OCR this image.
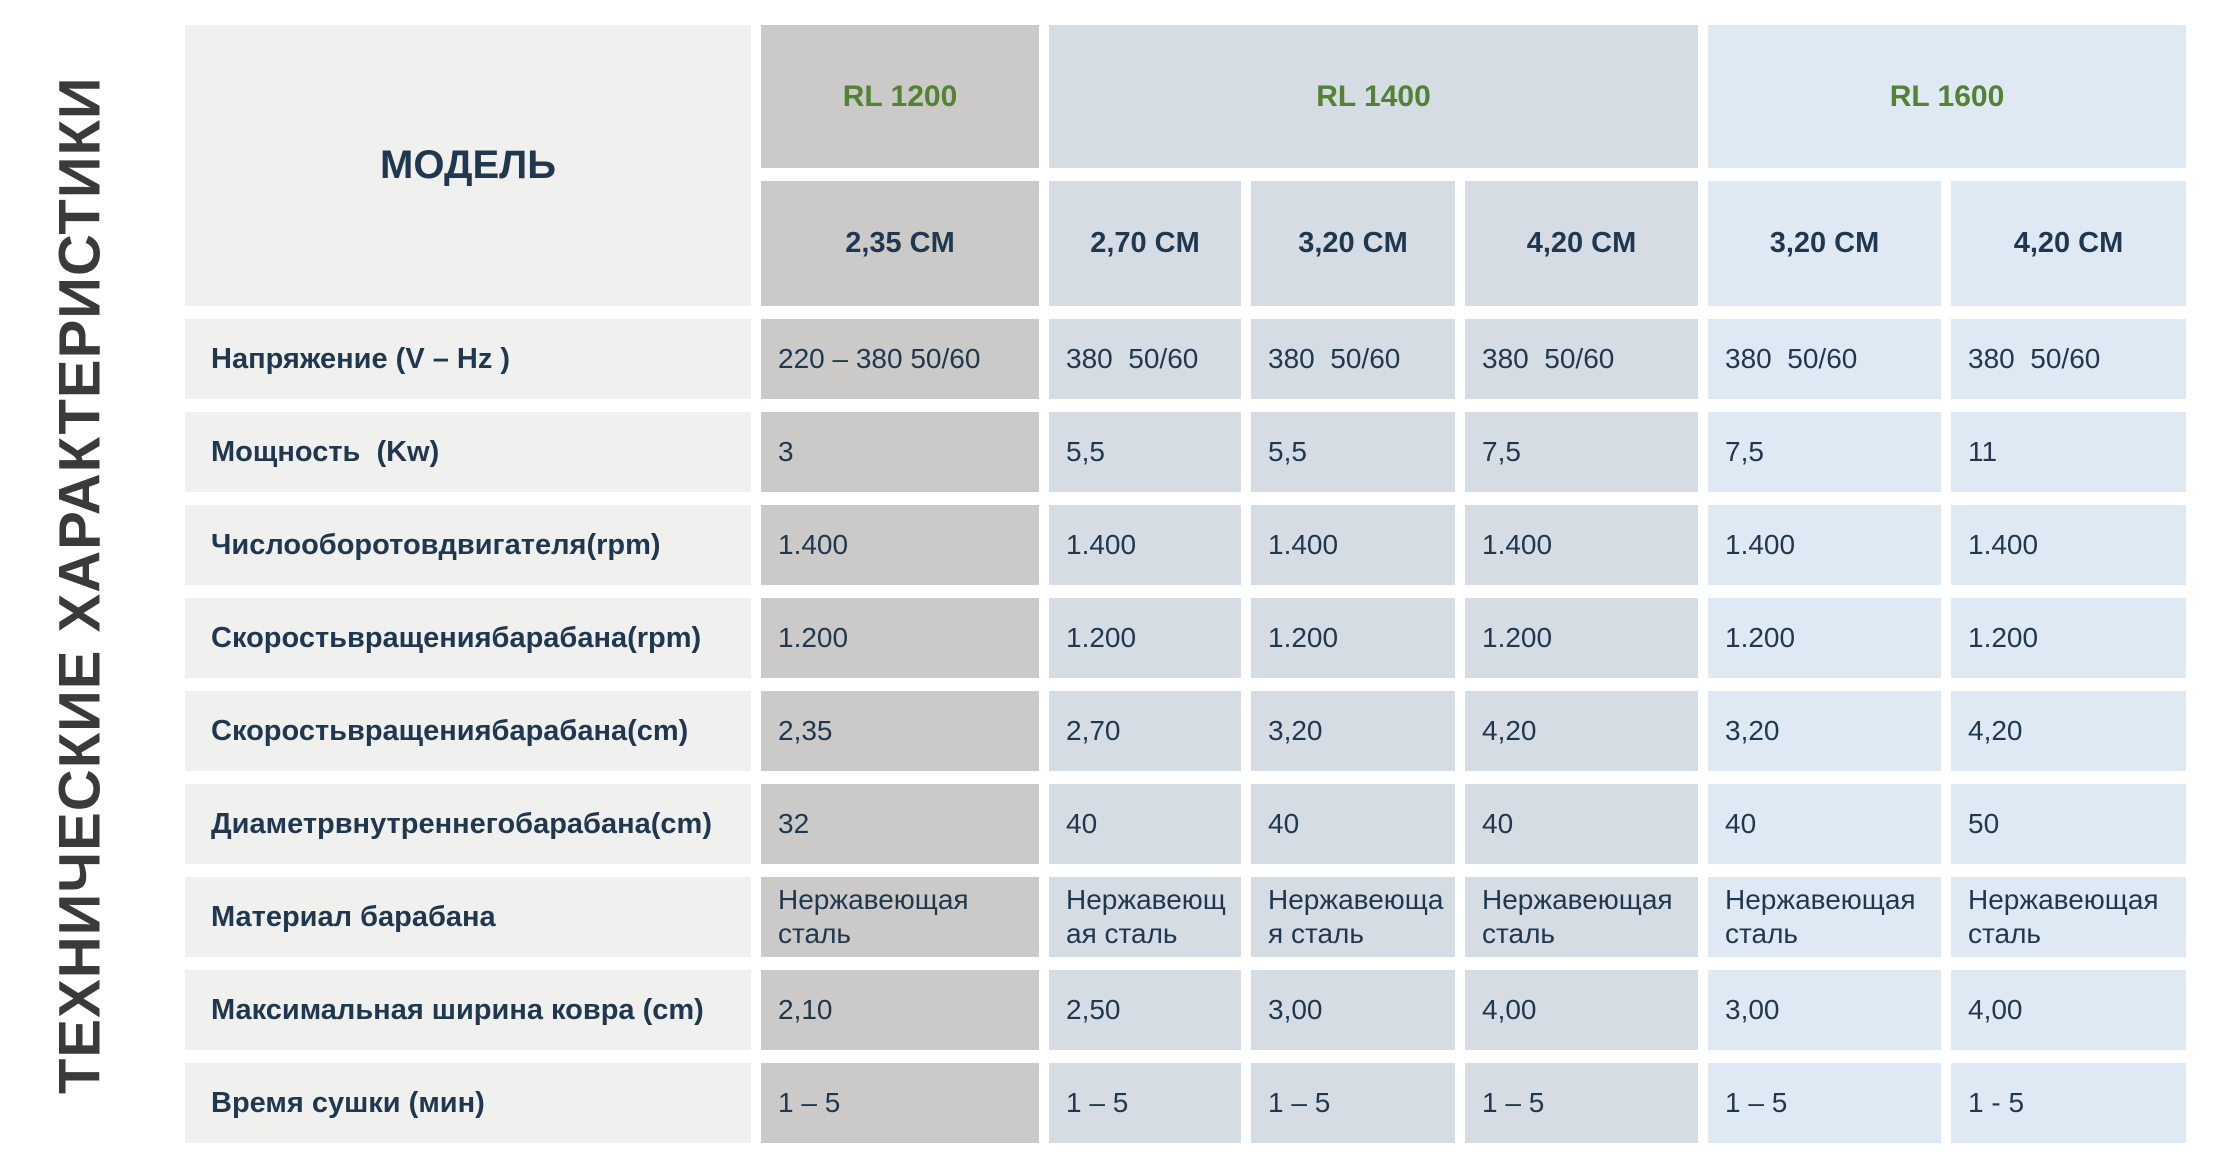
ТЕХНИЧЕСКИЕ ХАРАКТЕРИСТИКИ	МОДЕЛЬ	RL 1200	RL 1400			RL 1600	
	2,35 CM	2,70 CM	3,20 CM	4,20 CM	3,20 CM	4,20 CM
Напряжение (V – Hz )	220 – 380 50/60	380  50/60	380  50/60	380  50/60	380  50/60	380  50/60
Мощность  (Kw)	3	5,5	5,5	7,5	7,5	11
Числооборотовдвигателя(rpm)	1.400	1.400	1.400	1.400	1.400	1.400
Скоростьвращениябарабана(rpm)	1.200	1.200	1.200	1.200	1.200	1.200
Скоростьвращениябарабана(cm)	2,35	2,70	3,20	4,20	3,20	4,20
Диаметрвнутреннегобарабана(cm)	32	40	40	40	40	50
Материал барабана	Нержавеющая сталь	Нержавеющая сталь	Нержавеющая сталь	Нержавеющая сталь	Нержавеющая сталь	Нержавеющая сталь
Максимальная ширина ковра (cm)	2,10	2,50	3,00	4,00	3,00	4,00
Время сушки (мин)	1 – 5	1 – 5	1 – 5	1 – 5	1 – 5	1 - 5
